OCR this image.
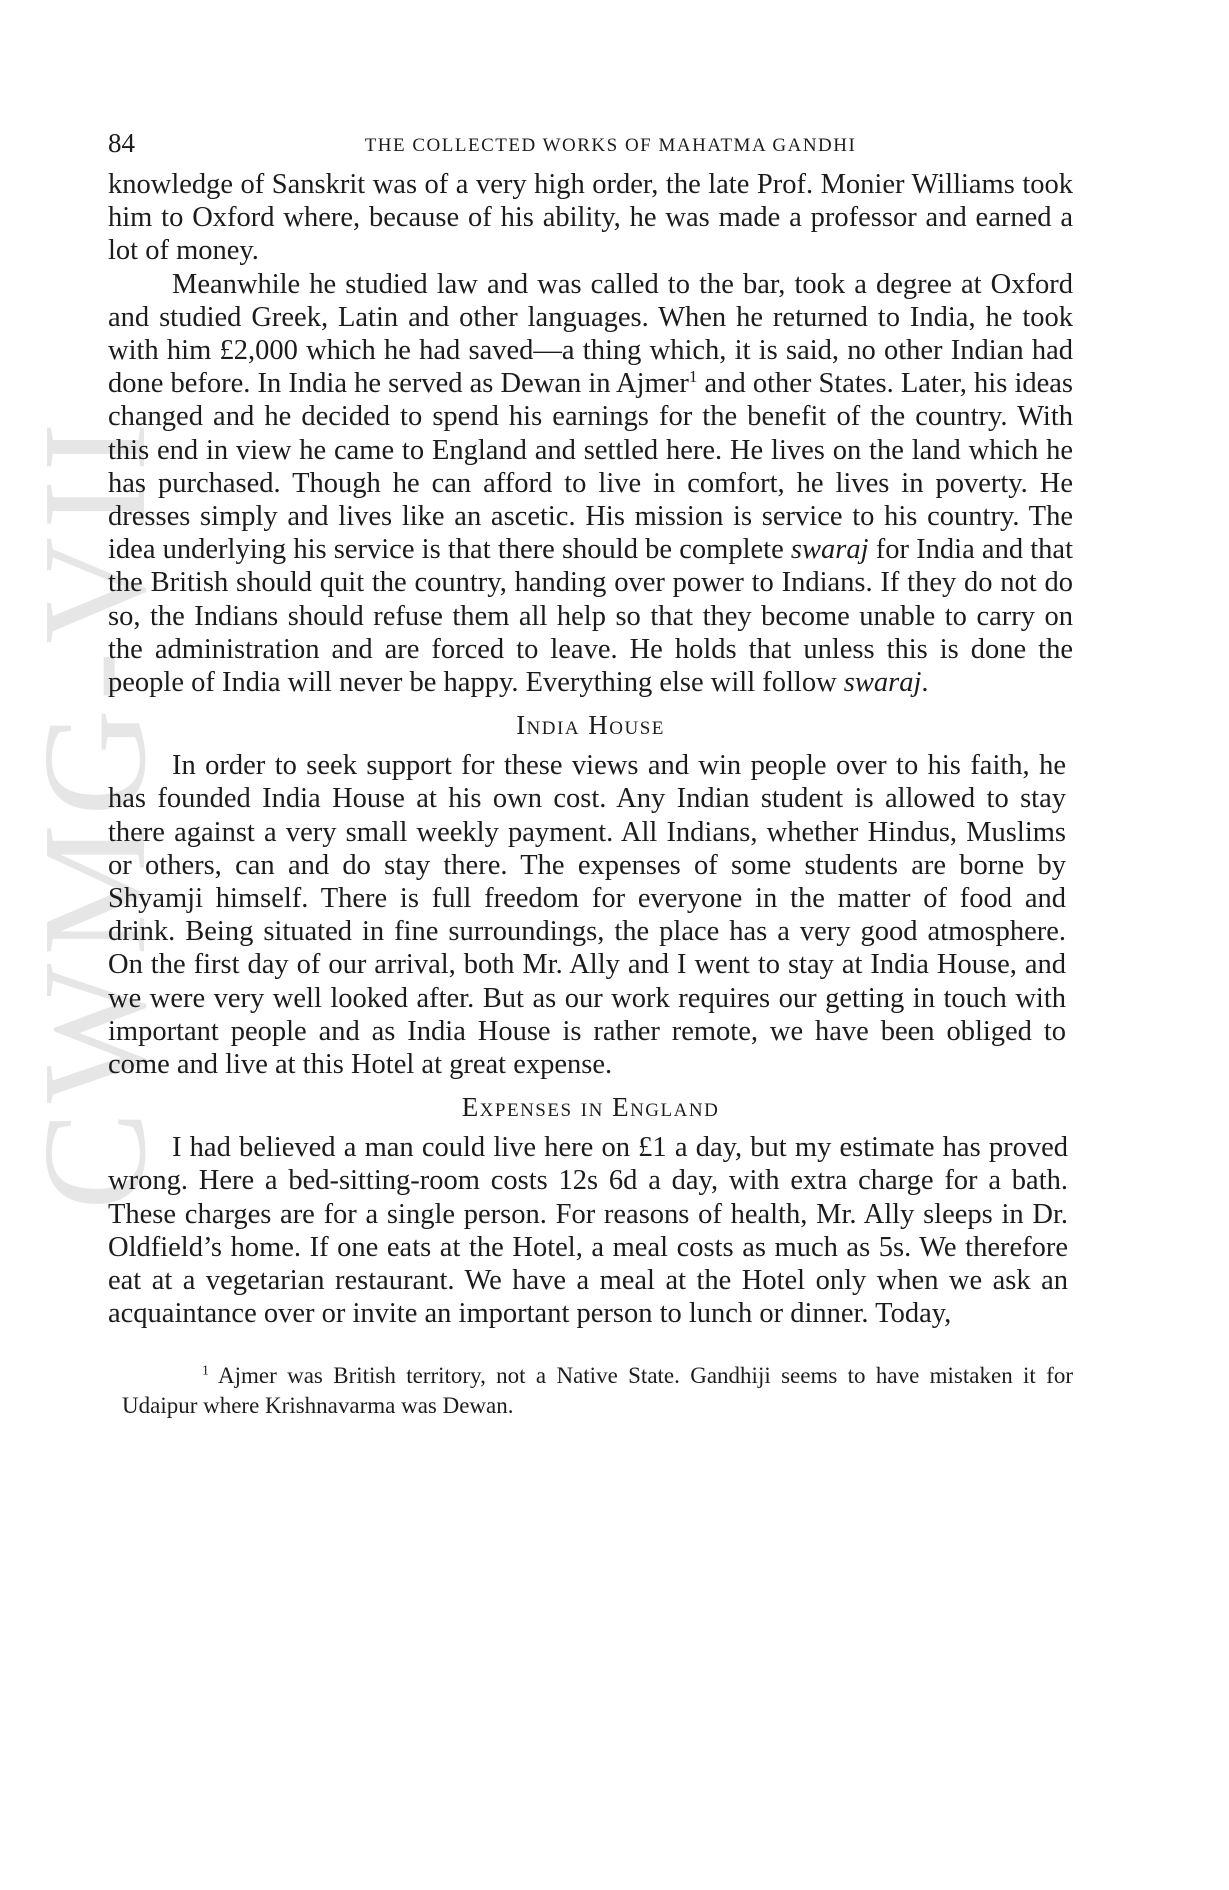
CWMG-VII
84	THE COLLECTED WORKS OF MAHATMA GANDHI

knowledge of Sanskrit was of a very high order, the late Prof. Monier Williams took him to Oxford where, because of his ability, he was made a professor and earned a lot of money.

Meanwhile he studied law and was called to the bar, took a degree at Oxford and studied Greek, Latin and other languages. When he returned to India, he took with him £2,000 which he had saved—a thing which, it is said, no other Indian had done before. In India he served as Dewan in Ajmer$^1$ and other States. Later, his ideas changed and he decided to spend his earnings for the benefit of the country. With this end in view he came to England and settled here. He lives on the land which he has purchased. Though he can afford to live in comfort, he lives in poverty. He dresses simply and lives like an ascetic. His mission is service to his country. The idea underlying his service is that there should be complete swaraj for India and that the British should quit the country, handing over power to Indians. If they do not do so, the Indians should refuse them all help so that they become unable to carry on the administration and are forced to leave. He holds that unless this is done the people of India will never be happy. Everything else will follow swaraj.

India House

In order to seek support for these views and win people over to his faith, he has founded India House at his own cost. Any Indian student is allowed to stay there against a very small weekly payment. All Indians, whether Hindus, Muslims or others, can and do stay there. The expenses of some students are borne by Shyamji himself. There is full freedom for everyone in the matter of food and drink. Being situated in fine surroundings, the place has a very good atmosphere. On the first day of our arrival, both Mr. Ally and I went to stay at India House, and we were very well looked after. But as our work requires our getting in touch with important people and as India House is rather remote, we have been obliged to come and live at this Hotel at great expense.

Expenses in England

I had believed a man could live here on £1 a day, but my estimate has proved wrong. Here a bed-sitting-room costs 12s 6d a day, with extra charge for a bath. These charges are for a single person. For reasons of health, Mr. Ally sleeps in Dr. Oldfield’s home. If one eats at the Hotel, a meal costs as much as 5s. We therefore eat at a vegetarian restaurant. We have a meal at the Hotel only when we ask an acquaintance over or invite an important person to lunch or dinner. Today,

$^1$ Ajmer was British territory, not a Native State. Gandhiji seems to have mistaken it for Udaipur where Krishnavarma was Dewan.
